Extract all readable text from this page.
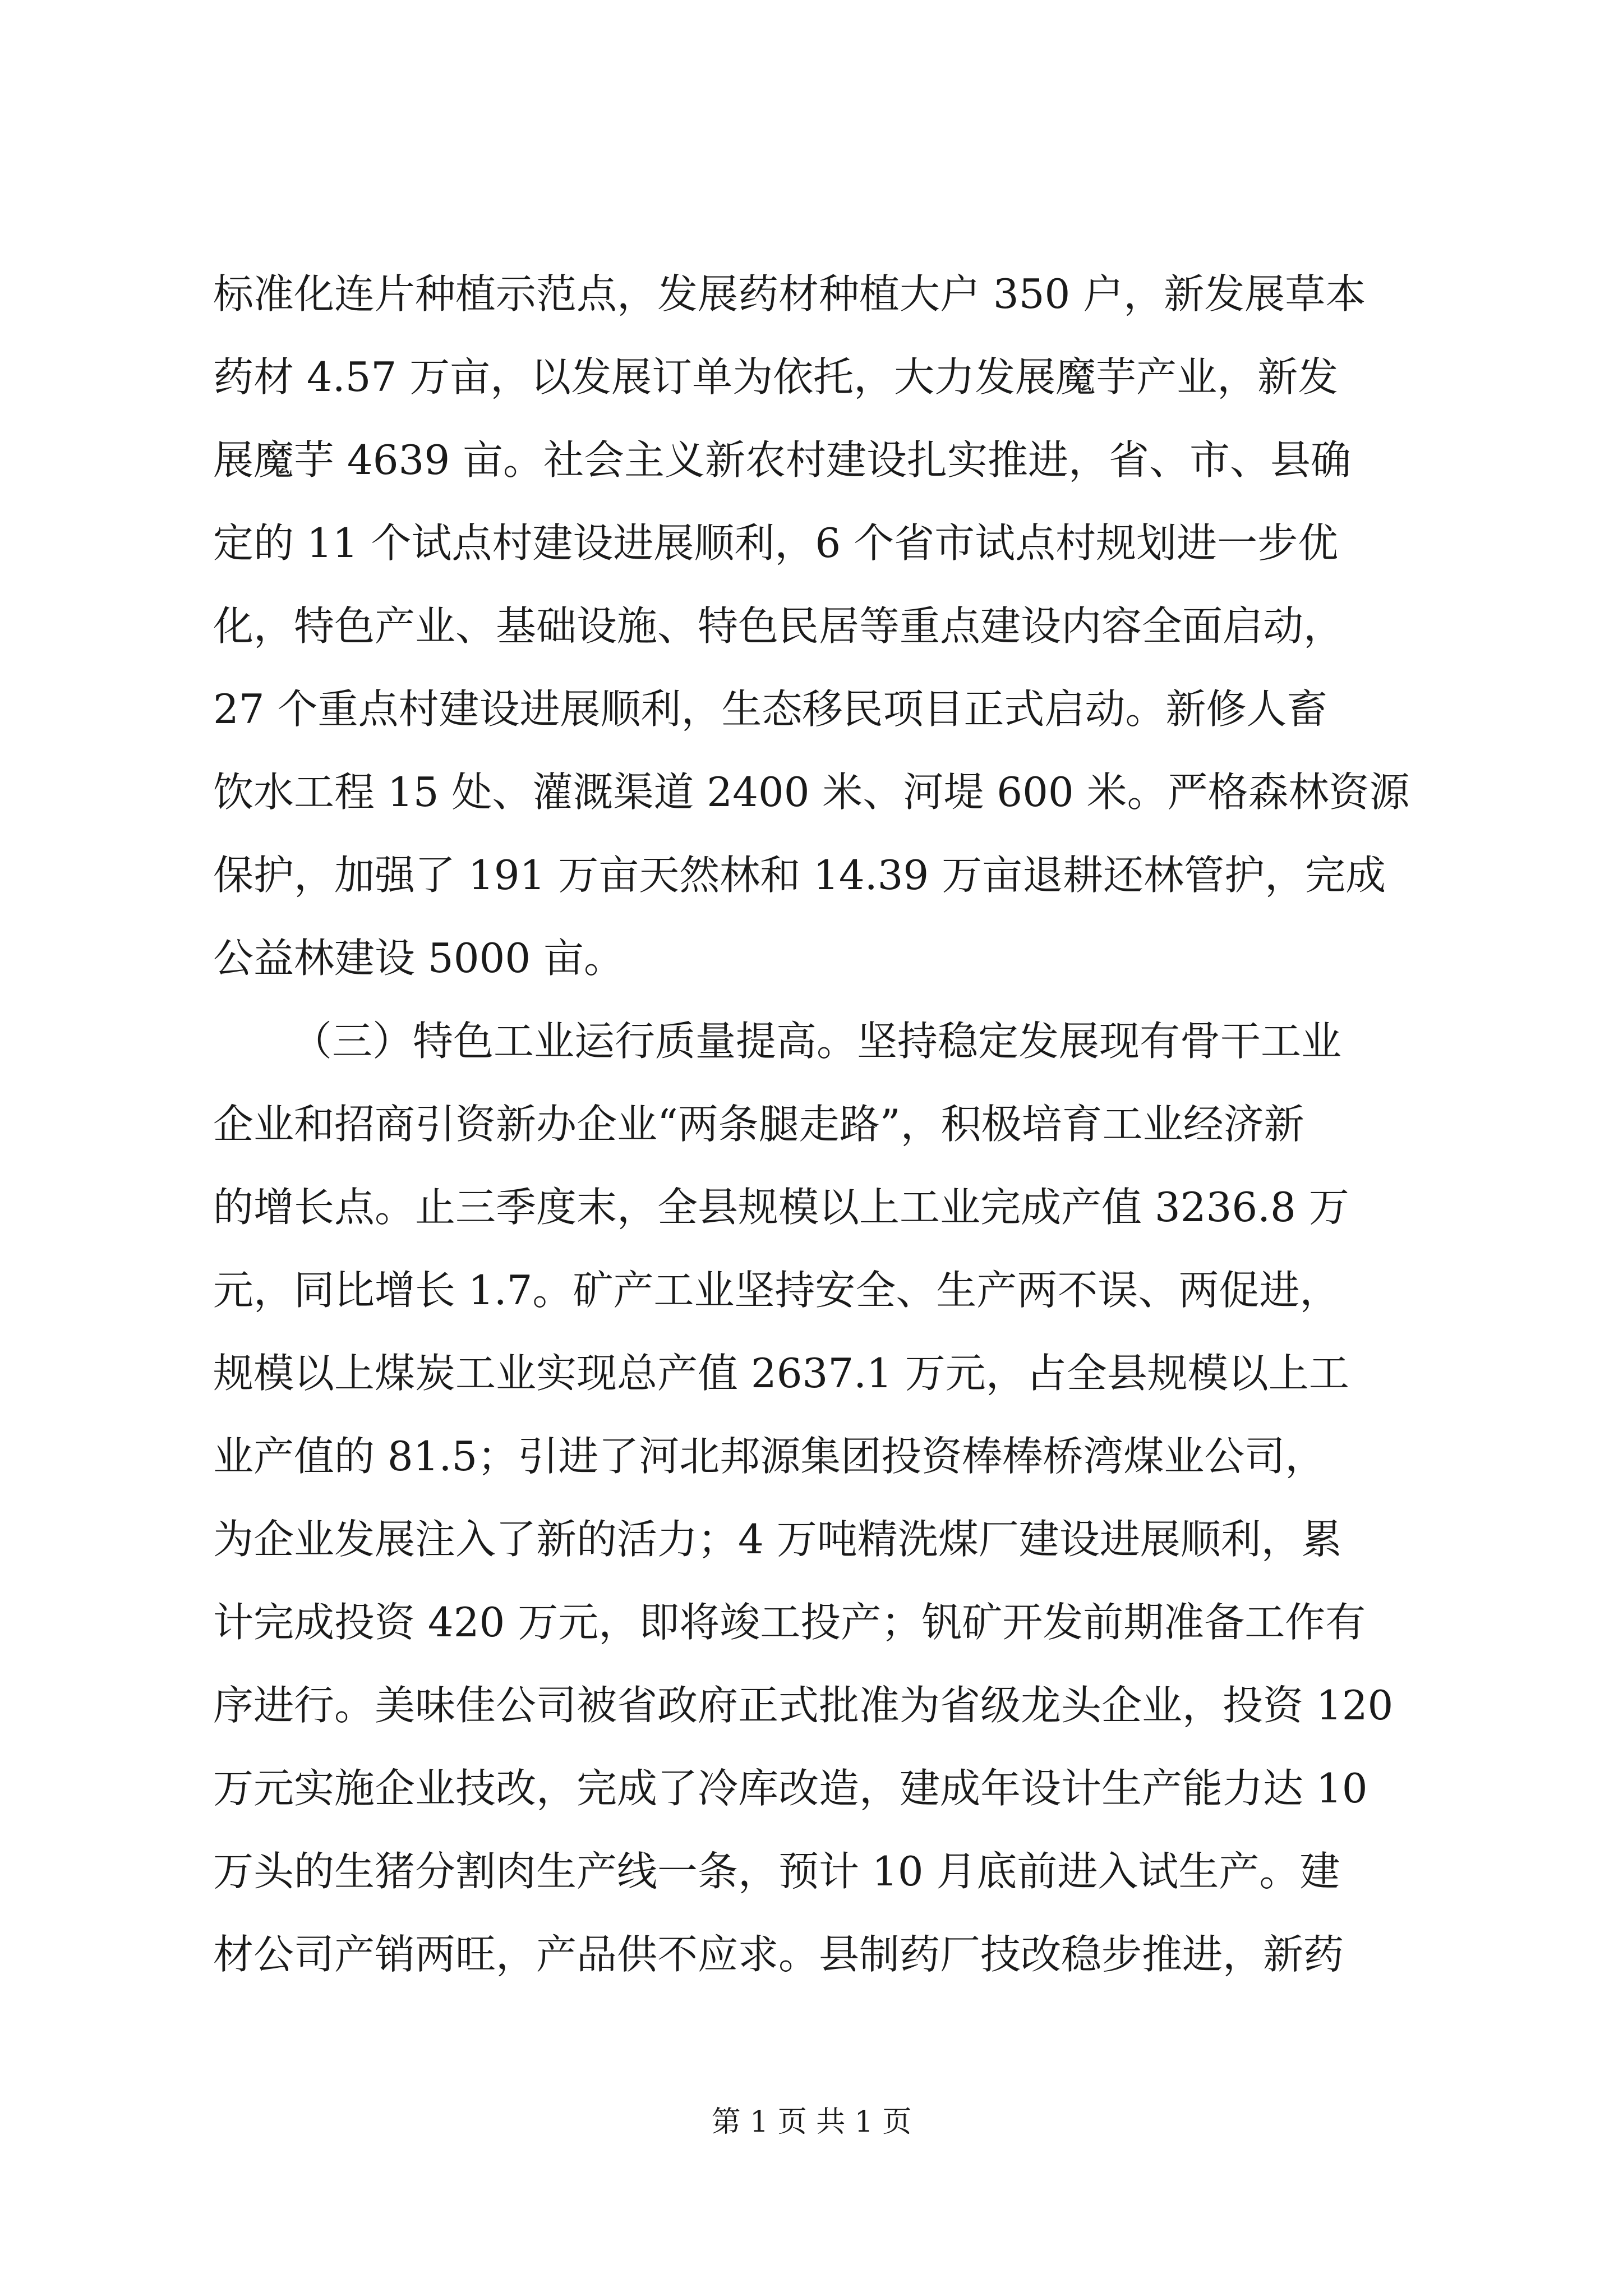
标准化连片种植示范点，发展药材种植大户 350 户，新发展草本
药材 4.57 万亩，以发展订单为依托，大力发展魔芋产业，新发
展魔芋 4639 亩。社会主义新农村建设扎实推进，省、市、县确
定的 11 个试点村建设进展顺利，6 个省市试点村规划进一步优
化，特色产业、基础设施、特色民居等重点建设内容全面启动，
27 个重点村建设进展顺利，生态移民项目正式启动。新修人畜
饮水工程 15 处、灌溉渠道 2400 米、河堤 600 米。严格森林资源
保护，加强了 191 万亩天然林和 14.39 万亩退耕还林管护，完成
公益林建设 5000 亩。
（三）特色工业运行质量提高。坚持稳定发展现有骨干工业
企业和招商引资新办企业“两条腿走路”，积极培育工业经济新
的增长点。止三季度末，全县规模以上工业完成产值 3236.8 万
元，同比增长 1.7。矿产工业坚持安全、生产两不误、两促进，
规模以上煤炭工业实现总产值 2637.1 万元，占全县规模以上工
业产值的 81.5；引进了河北邦源集团投资棒棒桥湾煤业公司，
为企业发展注入了新的活力；4 万吨精洗煤厂建设进展顺利，累
计完成投资 420 万元，即将竣工投产；钒矿开发前期准备工作有
序进行。美味佳公司被省政府正式批准为省级龙头企业，投资 120
万元实施企业技改，完成了冷库改造，建成年设计生产能力达 10
万头的生猪分割肉生产线一条，预计 10 月底前进入试生产。建
材公司产销两旺，产品供不应求。县制药厂技改稳步推进，新药
第 1 页 共 1 页
